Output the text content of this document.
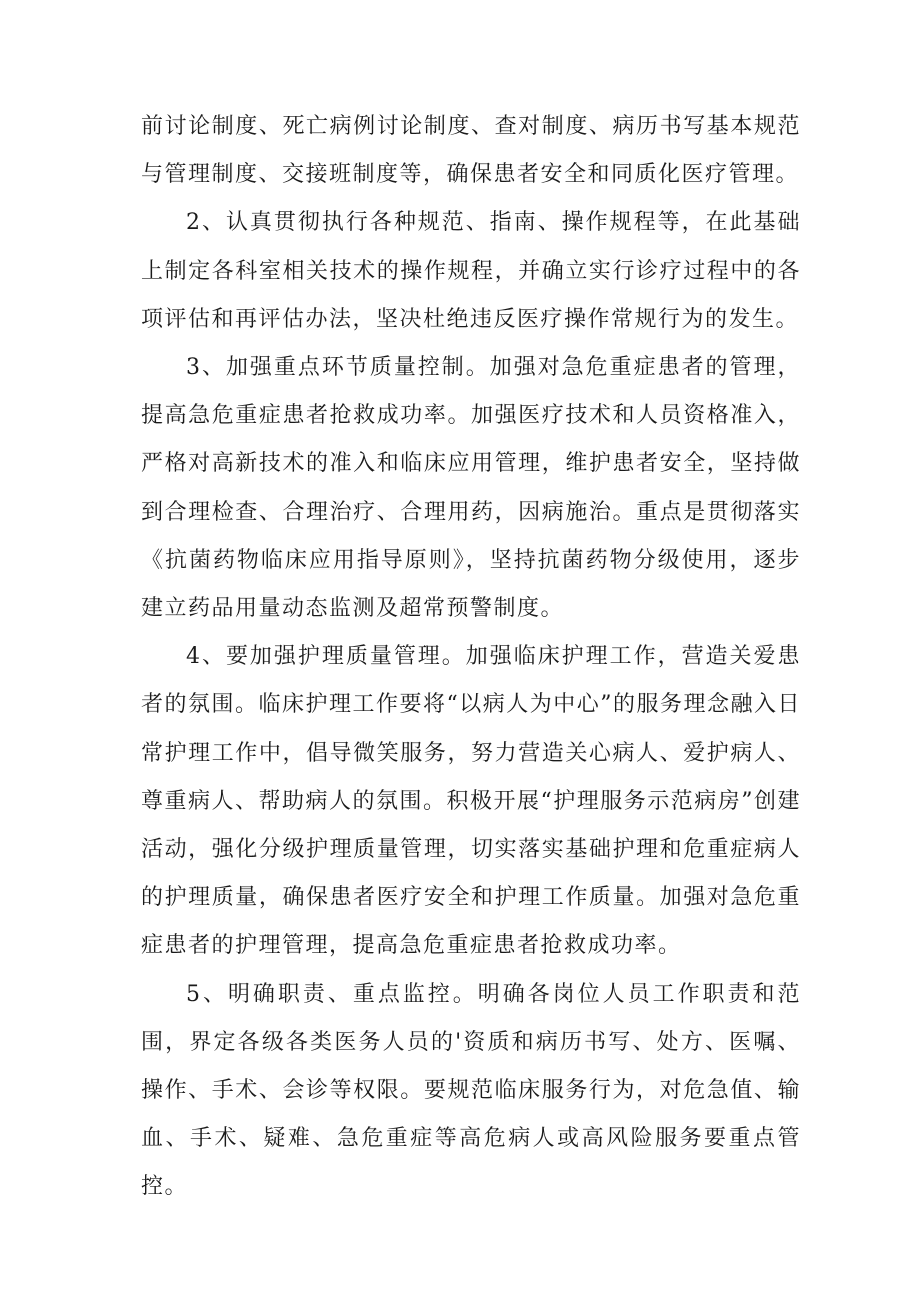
前讨论制度、死亡病例讨论制度、查对制度、病历书写基本规范与管理制度、交接班制度等，确保患者安全和同质化医疗管理。

2、认真贯彻执行各种规范、指南、操作规程等，在此基础上制定各科室相关技术的操作规程，并确立实行诊疗过程中的各项评估和再评估办法，坚决杜绝违反医疗操作常规行为的发生。

3、加强重点环节质量控制。加强对急危重症患者的管理，提高急危重症患者抢救成功率。加强医疗技术和人员资格准入，严格对高新技术的准入和临床应用管理，维护患者安全，坚持做到合理检查、合理治疗、合理用药，因病施治。重点是贯彻落实《抗菌药物临床应用指导原则》，坚持抗菌药物分级使用，逐步建立药品用量动态监测及超常预警制度。

4、要加强护理质量管理。加强临床护理工作，营造关爱患者的氛围。临床护理工作要将“以病人为中心”的服务理念融入日常护理工作中，倡导微笑服务，努力营造关心病人、爱护病人、尊重病人、帮助病人的氛围。积极开展“护理服务示范病房”创建活动，强化分级护理质量管理，切实落实基础护理和危重症病人的护理质量，确保患者医疗安全和护理工作质量。加强对急危重症患者的护理管理，提高急危重症患者抢救成功率。

5、明确职责、重点监控。明确各岗位人员工作职责和范围，界定各级各类医务人员的'资质和病历书写、处方、医嘱、操作、手术、会诊等权限。要规范临床服务行为，对危急值、输血、手术、疑难、急危重症等高危病人或高风险服务要重点管控。
